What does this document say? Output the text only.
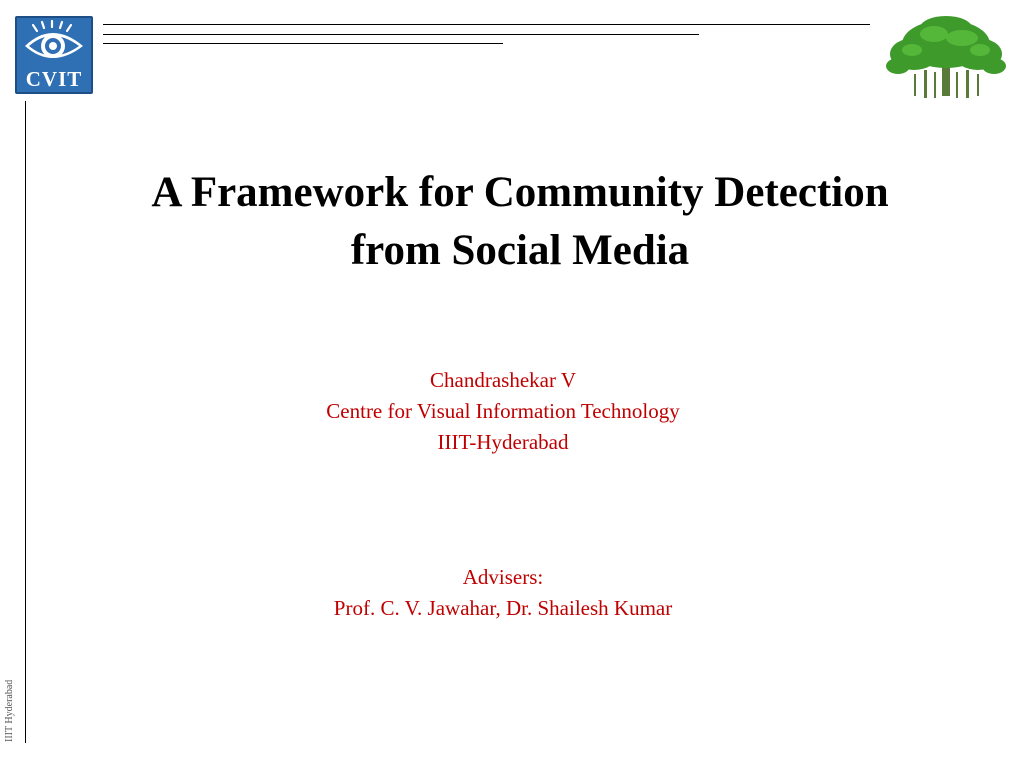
CVIT
IIIT Hyderabad
A Framework for Community Detection
from Social Media
Chandrashekar V
Centre for Visual Information Technology
IIIT-Hyderabad
Advisers:
Prof. C. V. Jawahar, Dr. Shailesh Kumar
